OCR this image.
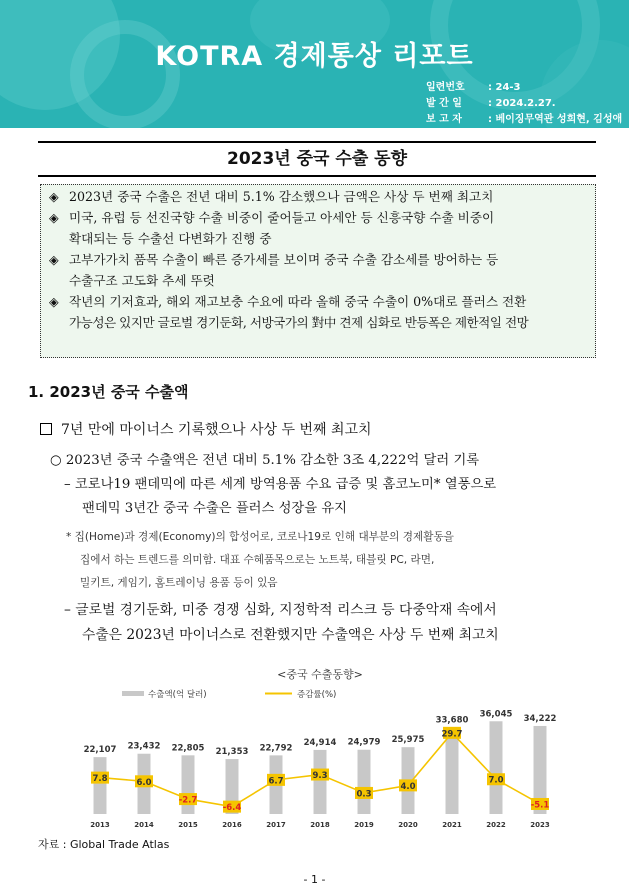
KOTRA 경제통상 리포트
일련번호 : 24-3
발 간 일	: 2024.2.27.
보 고 자	: 베이징무역관 성희현, 김성애
2023년 중국 수출 동향
◈ 2023년 중국 수출은 전년 대비 5.1% 감소했으나 금액은 사상 두 번째 최고치
◈ 미국, 유럽 등 선진국향 수출 비중이 줄어들고 아세안 등 신흥국향 수출 비중이
확대되는 등 수출선 다변화가 진행 중
◈ 고부가가치 품목 수출이 빠른 증가세를 보이며 중국 수출 감소세를 방어하는 등
수출구조 고도화 추세 뚜렷
◈ 작년의 기저효과, 해외 재고보충 수요에 따라 올해 중국 수출이 0%대로 플러스 전환
가능성은 있지만 글로벌 경기둔화, 서방국가의 對中 견제 심화로 반등폭은 제한적일 전망
1. 2023년 중국 수출액
7년 만에 마이너스 기록했으나 사상 두 번째 최고치
○ 2023년 중국 수출액은 전년 대비 5.1% 감소한 3조 4,222억 달러 기록
– 코로나19 팬데믹에 따른 세계 방역용품 수요 급증 및 홈코노미* 열풍으로
팬데믹 3년간 중국 수출은 플러스 성장을 유지
* 집(Home)과 경제(Economy)의 합성어로, 코로나19로 인해 대부분의 경제활동을
집에서 하는 트렌드를 의미함. 대표 수혜품목으로는 노트북, 태블릿 PC, 라면,
밀키트, 게임기, 홈트레이닝 용품 등이 있음
– 글로벌 경기둔화, 미중 경쟁 심화, 지정학적 리스크 등 다중악재 속에서
수출은 2023년 마이너스로 전환했지만 수출액은 사상 두 번째 최고치
<중국 수출동향>
수출액(억 달러)	증감률(%)
22,107 23,432 22,805 21,353 22,792
24,914 24,979 25,975
33,680
36,045 34,222
7.8	6.0
-2.7
-6.4
6.7
9.3
0.3
4.0
29.7
7.0
-5.1
2013	2014	2015	2016	2017	2018	2019	2020	2021	2022	2023
자료 : Global Trade Atlas
- 1 -
